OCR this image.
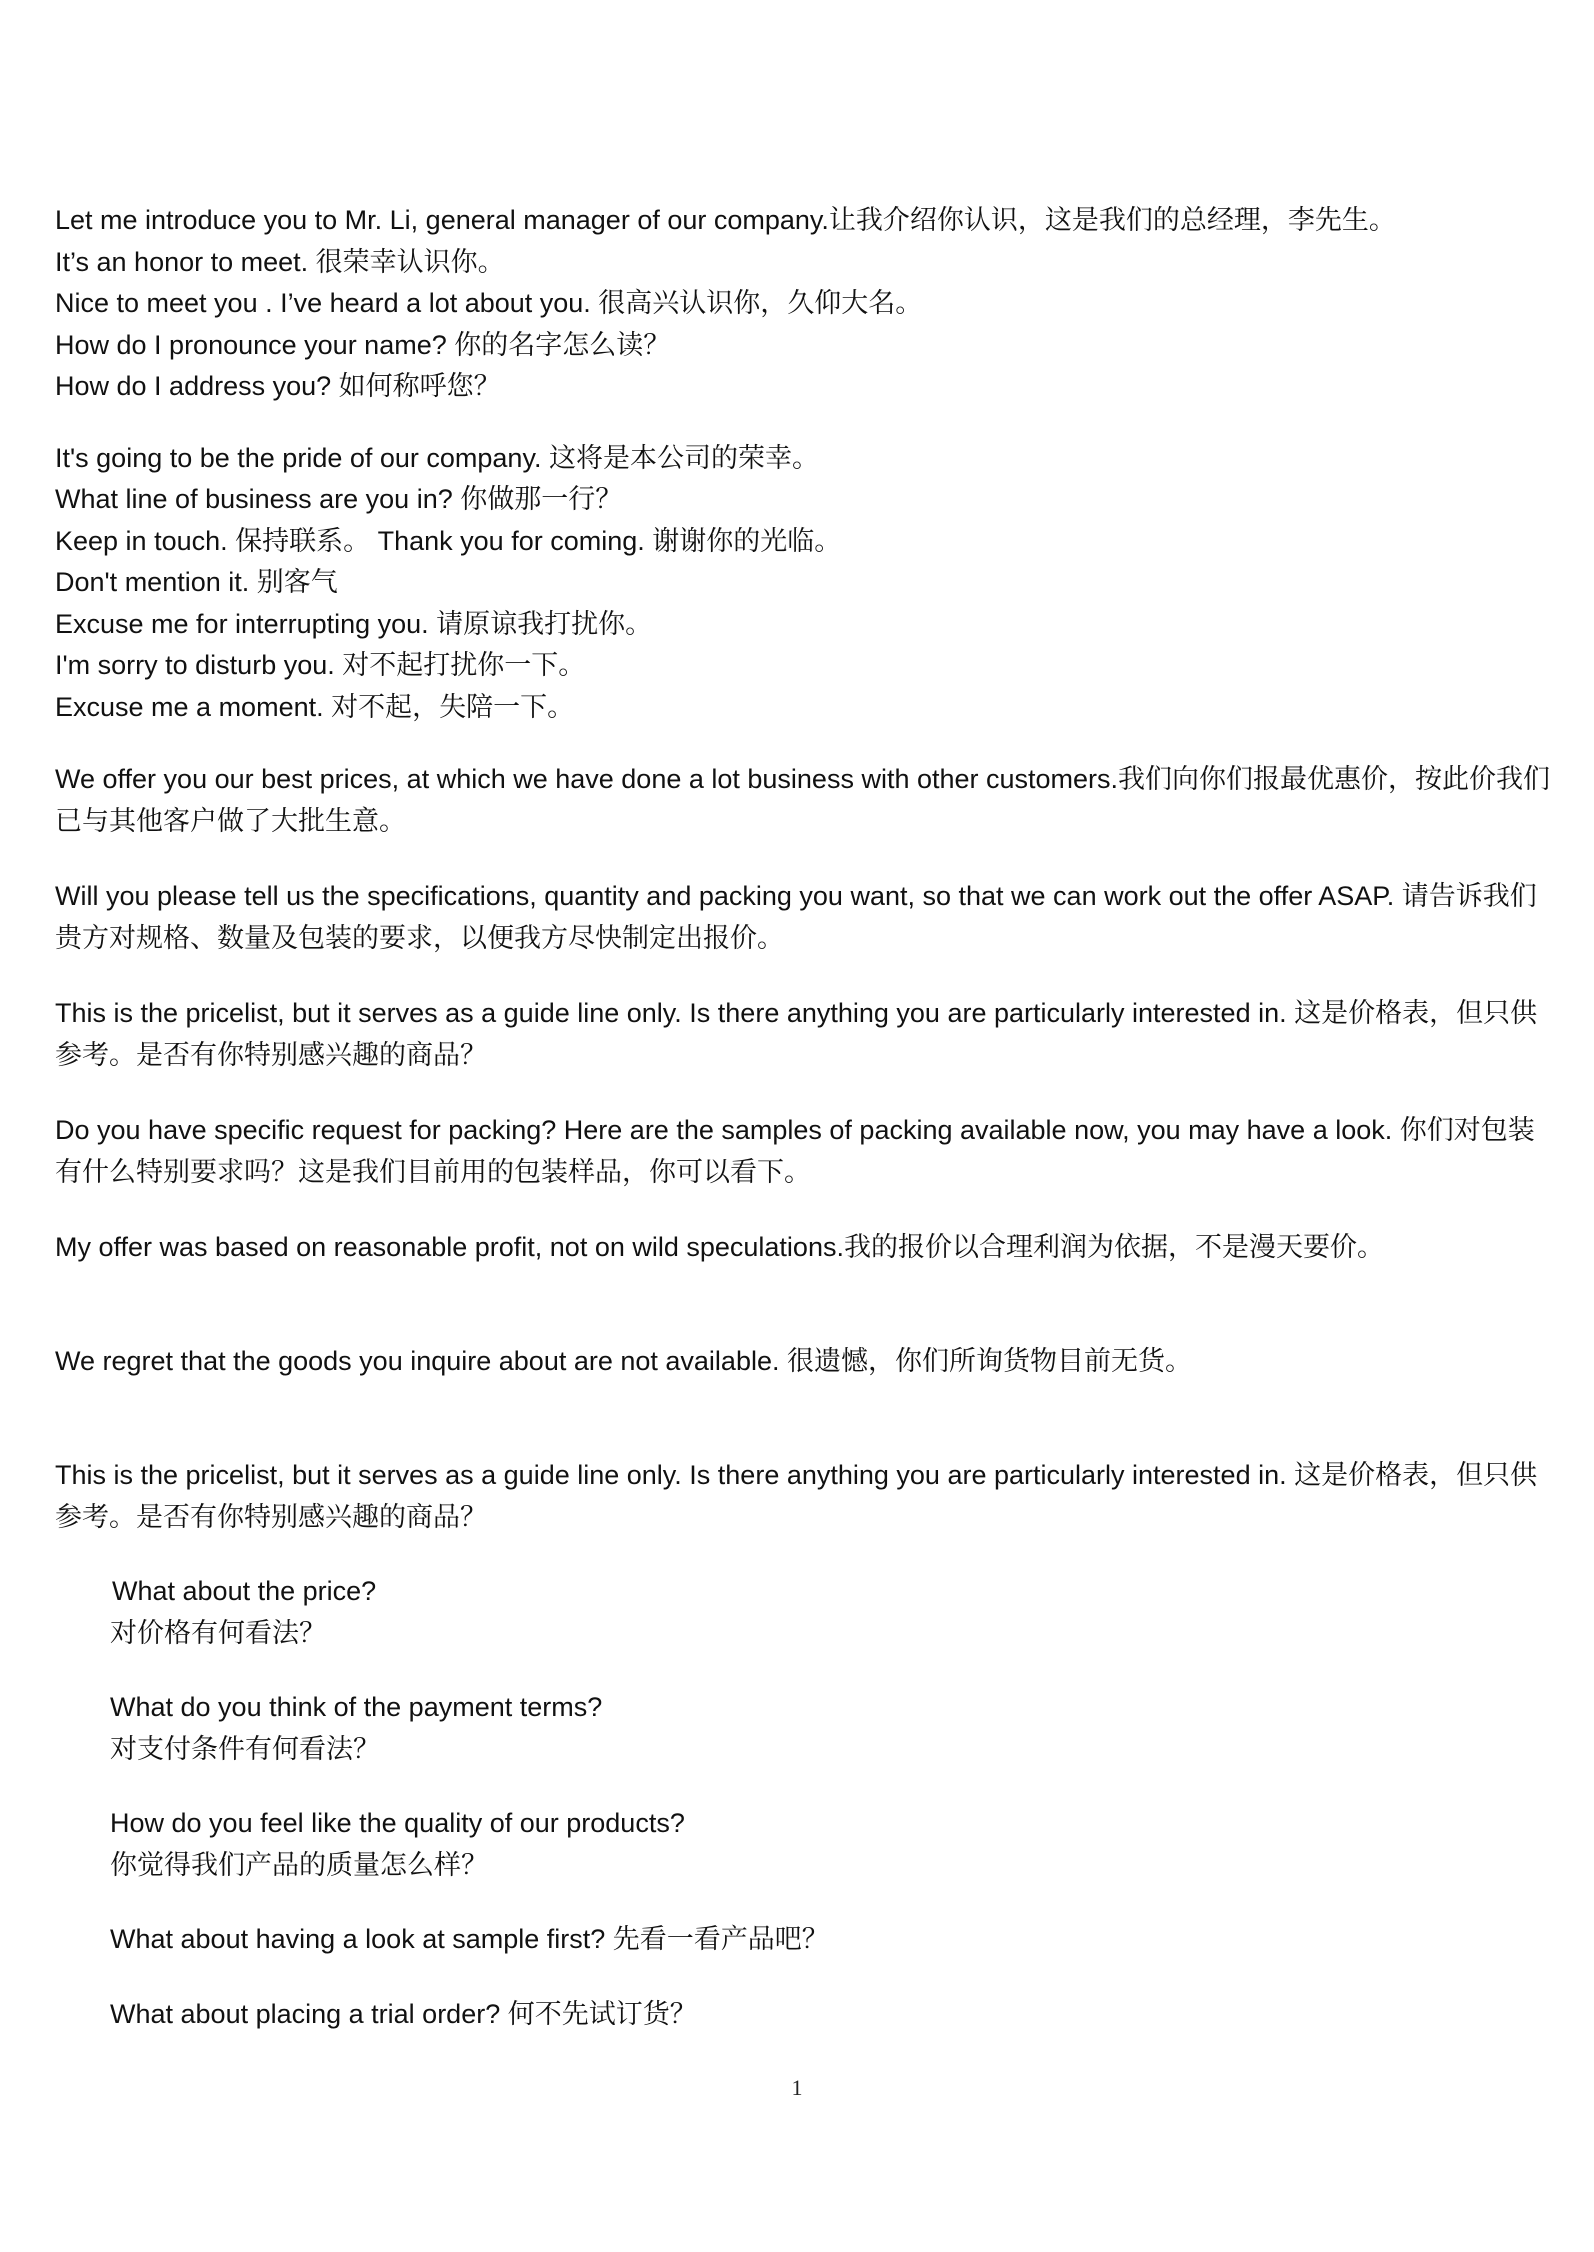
Let me introduce you to Mr. Li, general manager of our company.让我介绍你认识，这是我们的总经理，李先生。
It’s an honor to meet. 很荣幸认识你。
Nice to meet you . I’ve heard a lot about you. 很高兴认识你，久仰大名。
How do I pronounce your name? 你的名字怎么读？
How do I address you? 如何称呼您？
It's going to be the pride of our company. 这将是本公司的荣幸。
What line of business are you in? 你做那一行？
Keep in touch. 保持联系。 Thank you for coming. 谢谢你的光临。
Don't mention it. 别客气
Excuse me for interrupting you. 请原谅我打扰你。
I'm sorry to disturb you. 对不起打扰你一下。
Excuse me a moment. 对不起，失陪一下。
We offer you our best prices, at which we have done a lot business with other customers.我们向你们报最优惠价，按此价我们已与其他客户做了大批生意。
Will you please tell us the specifications, quantity and packing you want, so that we can work out the offer ASAP. 请告诉我们贵方对规格、数量及包装的要求，以便我方尽快制定出报价。
This is the pricelist, but it serves as a guide line only. Is there anything you are particularly interested in. 这是价格表，但只供参考。是否有你特别感兴趣的商品？
Do you have specific request for packing? Here are the samples of packing available now, you may have a look. 你们对包装有什么特别要求吗？这是我们目前用的包装样品，你可以看下。
My offer was based on reasonable profit, not on wild speculations.我的报价以合理利润为依据，不是漫天要价。
We regret that the goods you inquire about are not available. 很遗憾，你们所询货物目前无货。
This is the pricelist, but it serves as a guide line only. Is there anything you are particularly interested in. 这是价格表，但只供参考。是否有你特别感兴趣的商品？
What about the price?
对价格有何看法？
What do you think of the payment terms?
对支付条件有何看法？
How do you feel like the quality of our products?
你觉得我们产品的质量怎么样？
What about having a look at sample first? 先看一看产品吧？
What about placing a trial order? 何不先试订货？
1
